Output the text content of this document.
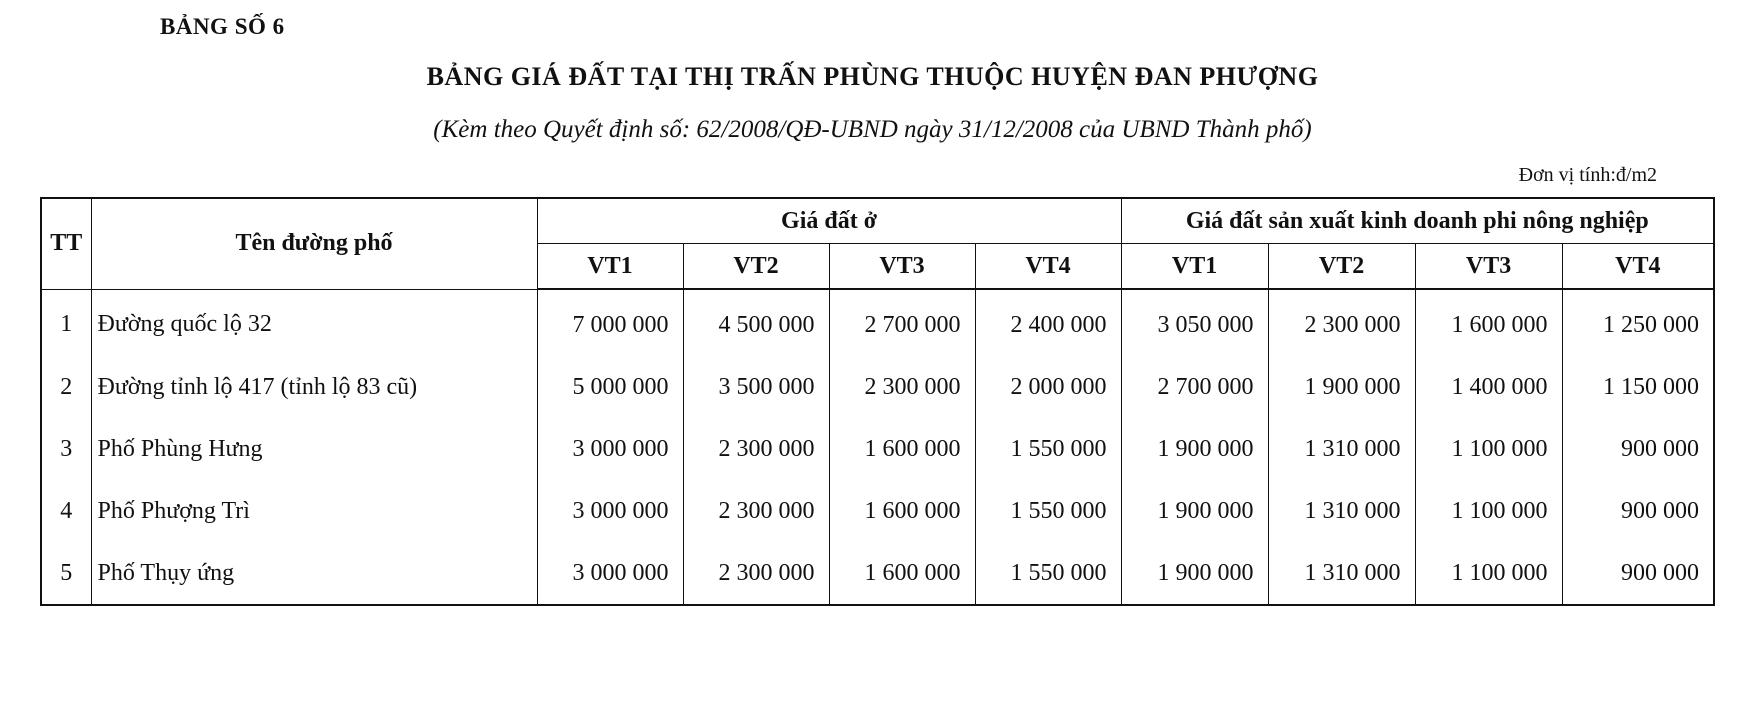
BẢNG SỐ 6
BẢNG GIÁ ĐẤT TẠI THỊ TRẤN PHÙNG THUỘC HUYỆN ĐAN PHƯỢNG
(Kèm theo Quyết định số: 62/2008/QĐ-UBND ngày 31/12/2008 của UBND Thành phố)
Đơn vị tính:đ/m2
TT	Tên đường phố	Giá đất ở				Giá đất sản xuất kinh doanh phi nông nghiệp			
		VT1	VT2	VT3	VT4	VT1	VT2	VT3	VT4
1	Đường quốc lộ 32	7 000 000	4 500 000	2 700 000	2 400 000	3 050 000	2 300 000	1 600 000	1 250 000
2	Đường tỉnh lộ 417 (tỉnh lộ 83 cũ)	5 000 000	3 500 000	2 300 000	2 000 000	2 700 000	1 900 000	1 400 000	1 150 000
3	Phố Phùng Hưng	3 000 000	2 300 000	1 600 000	1 550 000	1 900 000	1 310 000	1 100 000	900 000
4	Phố Phượng Trì	3 000 000	2 300 000	1 600 000	1 550 000	1 900 000	1 310 000	1 100 000	900 000
5	Phố Thụy ứng	3 000 000	2 300 000	1 600 000	1 550 000	1 900 000	1 310 000	1 100 000	900 000
